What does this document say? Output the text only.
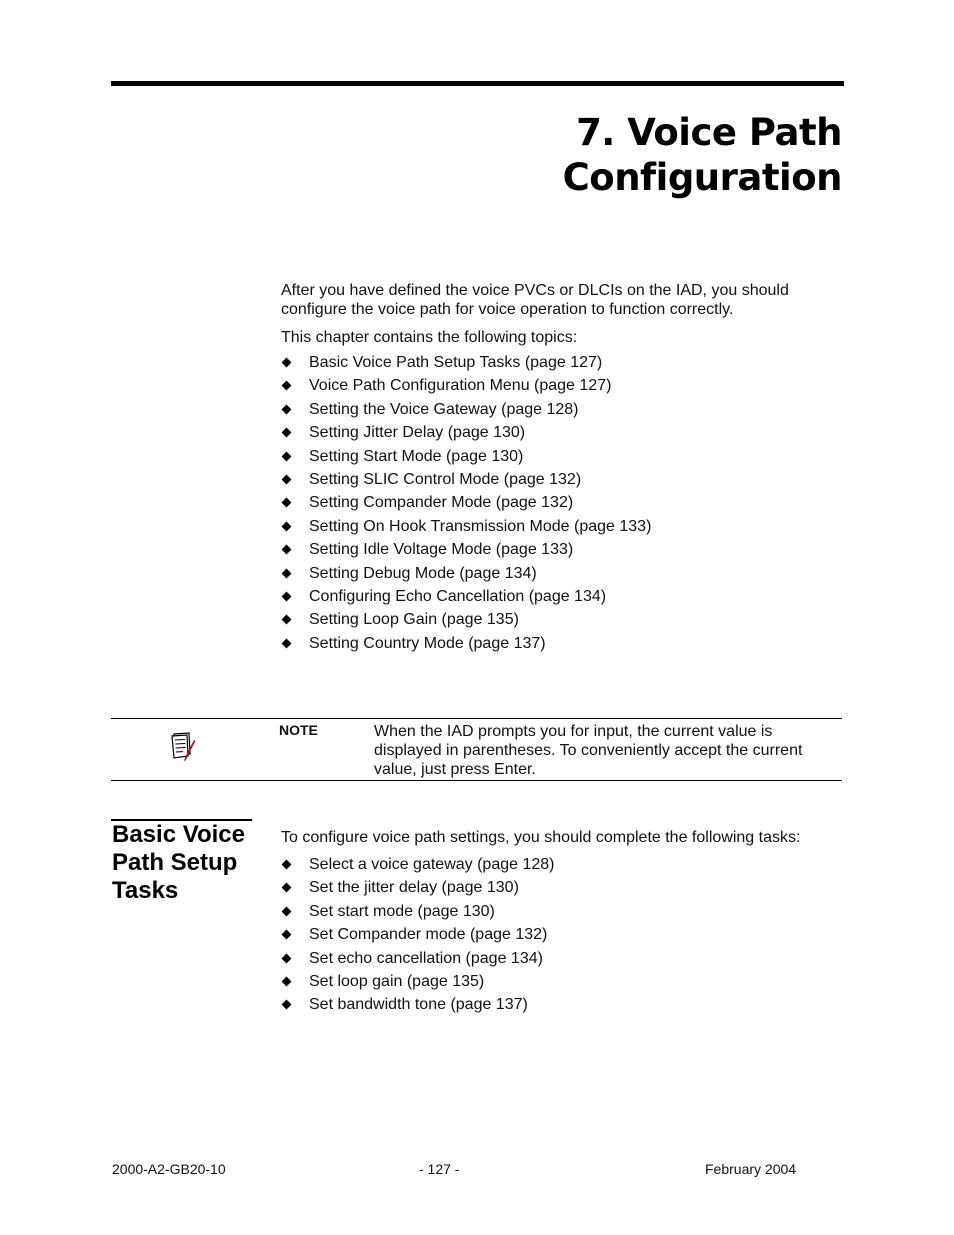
7. Voice Path
Configuration

After you have defined the voice PVCs or DLCIs on the IAD, you should configure the voice path for voice operation to function correctly.

This chapter contains the following topics:

Basic Voice Path Setup Tasks (page 127)
Voice Path Configuration Menu (page 127)
Setting the Voice Gateway (page 128)
Setting Jitter Delay (page 130)
Setting Start Mode (page 130)
Setting SLIC Control Mode (page 132)
Setting Compander Mode (page 132)
Setting On Hook Transmission Mode (page 133)
Setting Idle Voltage Mode (page 133)
Setting Debug Mode (page 134)
Configuring Echo Cancellation (page 134)
Setting Loop Gain (page 135)
Setting Country Mode (page 137)
NOTE	When the IAD prompts you for input, the current value is displayed in parentheses. To conveniently accept the current value, just press Enter.
Basic Voice Path Setup Tasks

To configure voice path settings, you should complete the following tasks:

Select a voice gateway (page 128)
Set the jitter delay (page 130)
Set start mode (page 130)
Set Compander mode (page 132)
Set echo cancellation (page 134)
Set loop gain (page 135)
Set bandwidth tone (page 137)
2000-A2-GB20-10	- 127 -	February 2004
